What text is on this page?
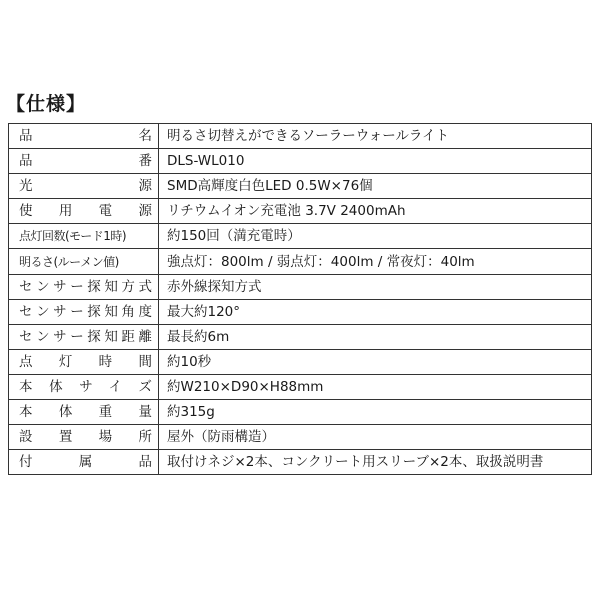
【仕様】
品名	明るさ切替えができるソーラーウォールライト

品番	DLS-WL010

光源	SMD高輝度白色LED 0.5W×76個

使用電源	リチウムイオン充電池 3.7V 2400mAh

点灯回数(モード1時)	約150回（満充電時）

明るさ(ルーメン値)	強点灯：800lm / 弱点灯：400lm / 常夜灯：40lm

センサー探知方式	赤外線探知方式

センサー探知角度	最大約120°

センサー探知距離	最長約6m

点灯時間	約10秒

本体サイズ	約W210×D90×H88mm

本体重量	約315g

設置場所	屋外（防雨構造）

付属品	取付けネジ×2本、コンクリート用スリーブ×2本、取扱説明書
